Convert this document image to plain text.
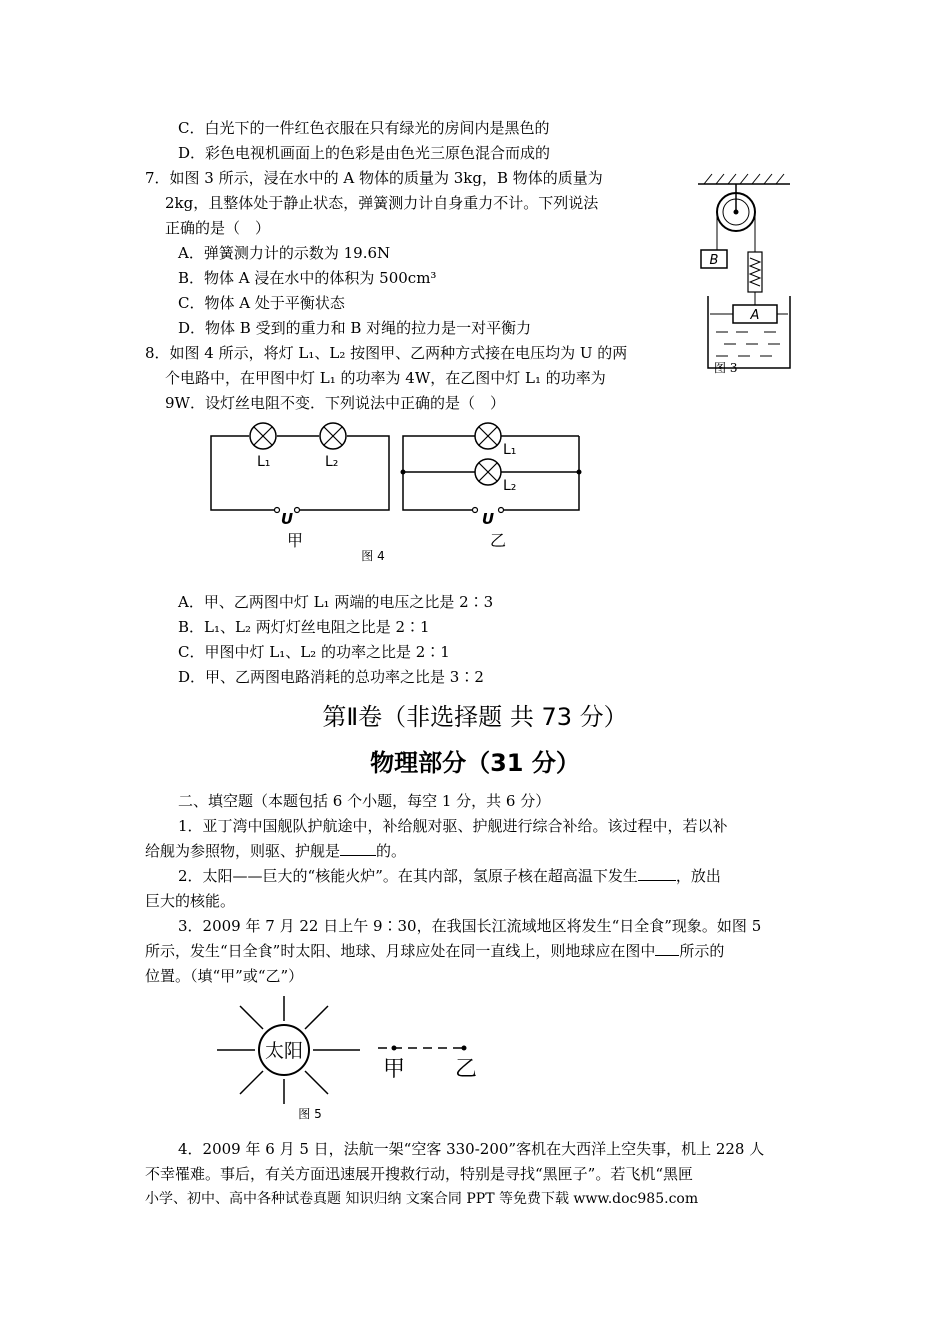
C．白光下的一件红色衣服在只有绿光的房间内是黑色的
D．彩色电视机画面上的色彩是由色光三原色混合而成的
7．如图 3 所示，浸在水中的 A 物体的质量为 3kg，B 物体的质量为
2kg，且整体处于静止状态，弹簧测力计自身重力不计。下列说法
正确的是（　）
A．弹簧测力计的示数为 19.6N
B．物体 A 浸在水中的体积为 500cm³
C．物体 A 处于平衡状态
D．物体 B 受到的重力和 B 对绳的拉力是一对平衡力
B
A
图 3
8．如图 4 所示，将灯 L₁、L₂ 按图甲、乙两种方式接在电压均为 U 的两
个电路中，在甲图中灯 L₁ 的功率为 4W，在乙图中灯 L₁ 的功率为
9W．设灯丝电阻不变．下列说法中正确的是（　）
L₁	L₂
U
甲
L₁
L₂
U
乙
图 4
A．甲、乙两图中灯 L₁ 两端的电压之比是 2∶3
B．L₁、L₂ 两灯灯丝电阻之比是 2∶1
C．甲图中灯 L₁、L₂ 的功率之比是 2∶1
D．甲、乙两图电路消耗的总功率之比是 3∶2
第Ⅱ卷（非选择题 共 73 分）
物理部分（31 分）
二、填空题（本题包括 6 个小题，每空 1 分，共 6 分）
1．亚丁湾中国舰队护航途中，补给舰对驱、护舰进行综合补给。该过程中，若以补
给舰为参照物，则驱、护舰是 的。
2．太阳——巨大的“核能火炉”。在其内部，氢原子核在超高温下发生	，放出
巨大的核能。
3．2009 年 7 月 22 日上午 9∶30，在我国长江流域地区将发生“日全食”现象。如图 5
所示，发生“日全食”时太阳、地球、月球应处在同一直线上，则地球应在图中 所示的
位置。（填“甲”或“乙”）
太阳
甲 乙
图 5
4．2009 年 6 月 5 日，法航一架“空客 330-200”客机在大西洋上空失事，机上 228 人
不幸罹难。事后，有关方面迅速展开搜救行动，特别是寻找“黑匣子”。若飞机“黑匣
小学、初中、高中各种试卷真题 知识归纳 文案合同 PPT 等免费下载 www.doc985.com
